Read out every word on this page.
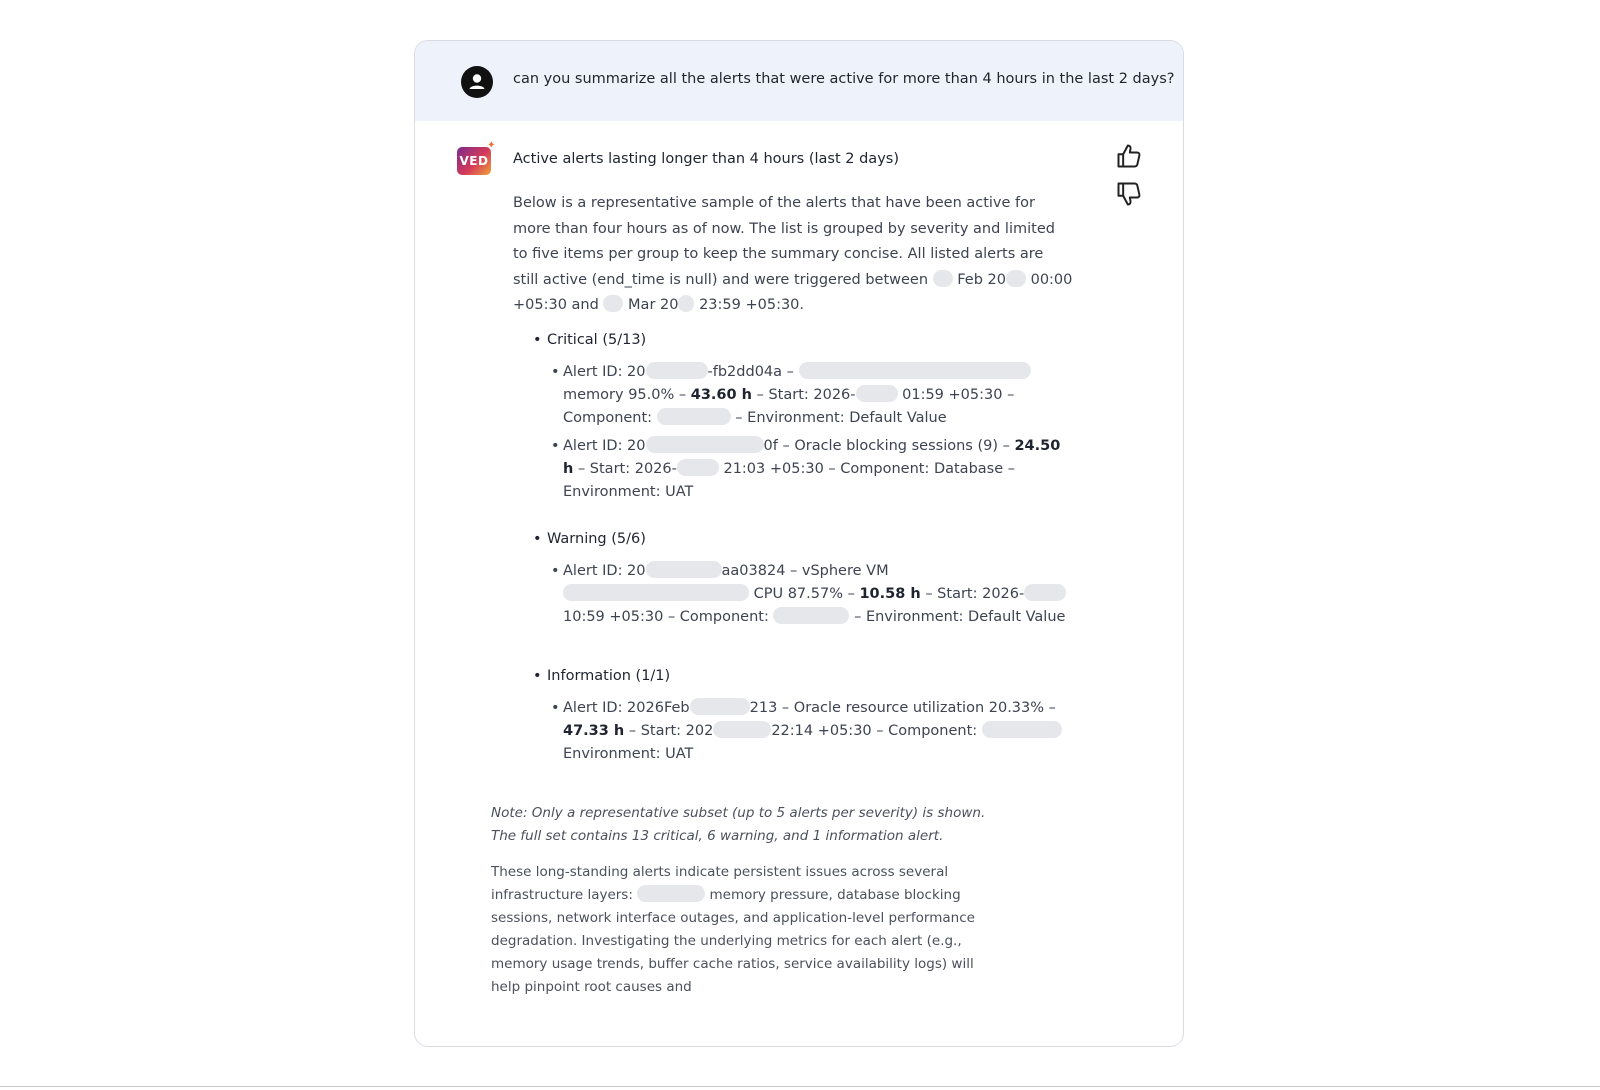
can you summarize all the alerts that were active for more than 4 hours in the last 2 days?
VED
✦
Active alerts lasting longer than 4 hours (last 2 days)
Below is a representative sample of the alerts that have been active for more than four hours as of now. The list is grouped by severity and limited to five items per group to keep the summary concise. All listed alerts are still active (end_time is null) and were triggered between Feb 20 00:00 +05:30 and Mar 20 23:59 +05:30.
• Critical (5/13)
• Alert ID: 20	-fb2dd04a –  memory 95.0% – 43.60 h – Start: 2026-	01:59 +05:30 – Component:	– Environment: Default Value
• Alert ID: 20	0f – Oracle blocking sessions (9) – 24.50 h – Start: 2026-	21:03 +05:30 – Component: Database – Environment: UAT
• Warning (5/6)
• Alert ID: 20	aa03824 – vSphere VM  CPU 87.57% – 10.58 h – Start: 2026- 10:59 +05:30 – Component:	– Environment: Default Value
• Information (1/1)
• Alert ID: 2026Feb	213 – Oracle resource utilization 20.33% – 47.33 h – Start: 202	22:14 +05:30 – Component:  Environment: UAT
Note: Only a representative subset (up to 5 alerts per severity) is shown. The full set contains 13 critical, 6 warning, and 1 information alert.
These long-standing alerts indicate persistent issues across several infrastructure layers:	memory pressure, database blocking sessions, network interface outages, and application-level performance degradation. Investigating the underlying metrics for each alert (e.g., memory usage trends, buffer cache ratios, service availability logs) will help pinpoint root causes and
